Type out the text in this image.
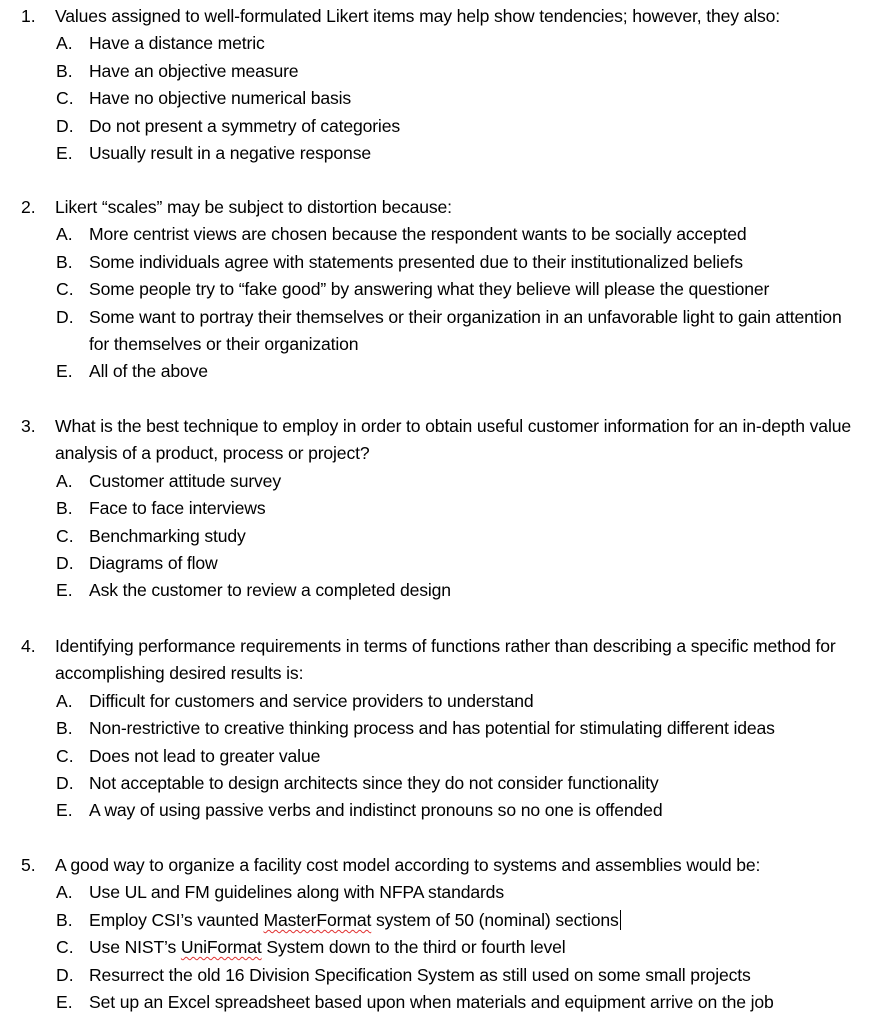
1. Values assigned to well-formulated Likert items may help show tendencies; however, they also:
A. Have a distance metric
B. Have an objective measure
C. Have no objective numerical basis
D. Do not present a symmetry of categories
E. Usually result in a negative response
2. Likert “scales” may be subject to distortion because:
A. More centrist views are chosen because the respondent wants to be socially accepted
B. Some individuals agree with statements presented due to their institutionalized beliefs
C. Some people try to “fake good” by answering what they believe will please the questioner
D. Some want to portray their themselves or their organization in an unfavorable light to gain attention for themselves or their organization
E. All of the above
3. What is the best technique to employ in order to obtain useful customer information for an in-depth value analysis of a product, process or project?
A. Customer attitude survey
B. Face to face interviews
C. Benchmarking study
D. Diagrams of flow
E. Ask the customer to review a completed design
4. Identifying performance requirements in terms of functions rather than describing a specific method for accomplishing desired results is:
A. Difficult for customers and service providers to understand
B. Non-restrictive to creative thinking process and has potential for stimulating different ideas
C. Does not lead to greater value
D. Not acceptable to design architects since they do not consider functionality
E. A way of using passive verbs and indistinct pronouns so no one is offended
5. A good way to organize a facility cost model according to systems and assemblies would be:
A. Use UL and FM guidelines along with NFPA standards
B. Employ CSI’s vaunted MasterFormat system of 50 (nominal) sections
C. Use NIST’s UniFormat System down to the third or fourth level
D. Resurrect the old 16 Division Specification System as still used on some small projects
E. Set up an Excel spreadsheet based upon when materials and equipment arrive on the job
